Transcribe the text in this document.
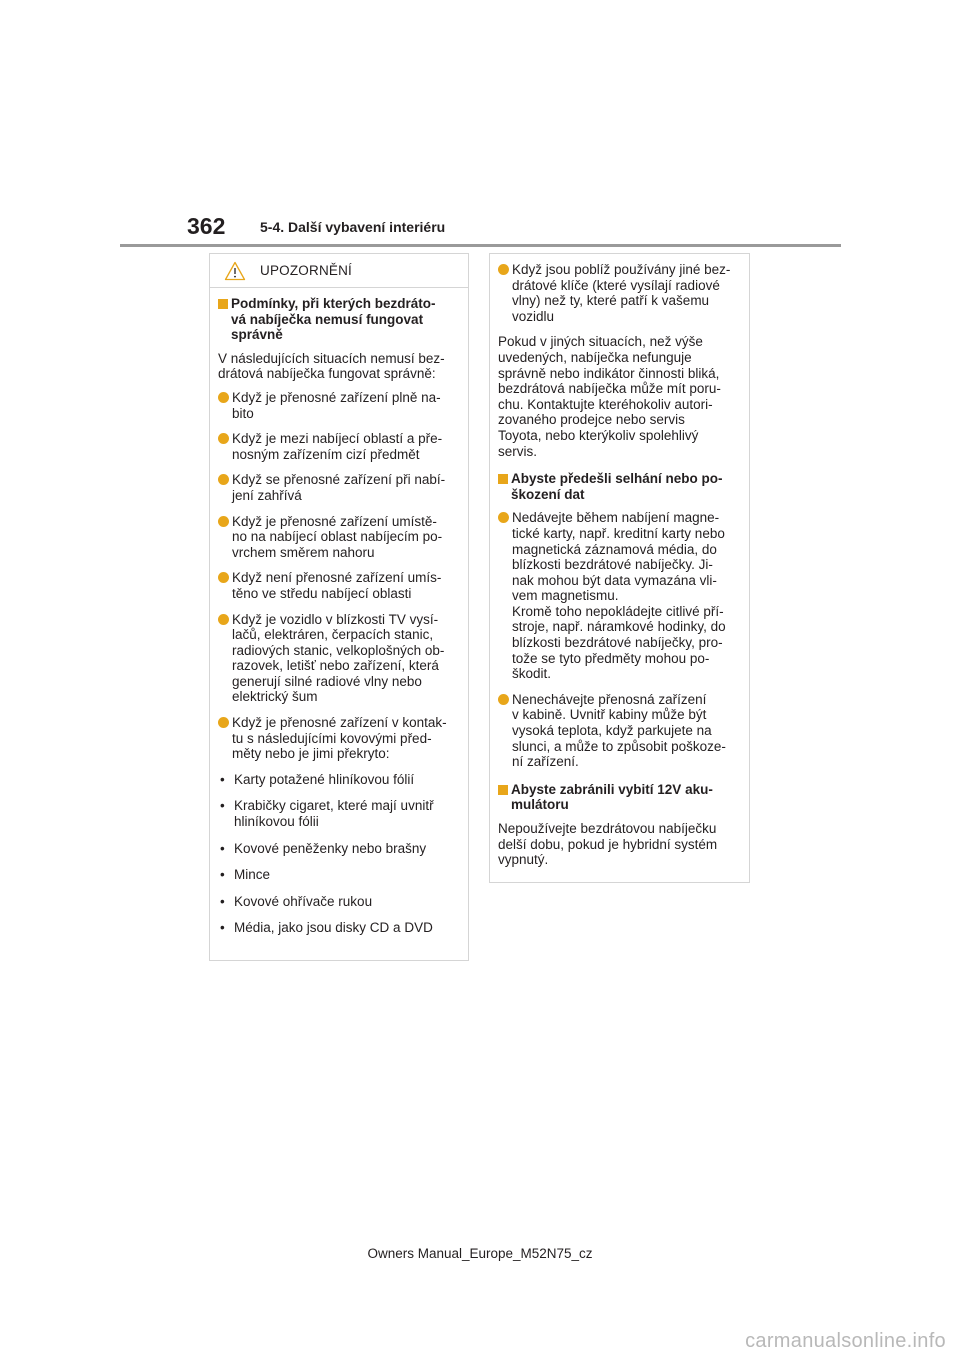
362 5-4. Další vybavení interiéru
UPOZORNĚNÍ
Podmínky, při kterých bezdráto-
vá nabíječka nemusí fungovat
správně
V následujících situacích nemusí bez-
drátová nabíječka fungovat správně:
Když je přenosné zařízení plně na-
bito
Když je mezi nabíjecí oblastí a pře-
nosným zařízením cizí předmět
Když se přenosné zařízení při nabí-
jení zahřívá
Když je přenosné zařízení umístě-
no na nabíjecí oblast nabíjecím po-
vrchem směrem nahoru
Když není přenosné zařízení umís-
těno ve středu nabíjecí oblasti
Když je vozidlo v blízkosti TV vysí-
lačů, elektráren, čerpacích stanic,
radiových stanic, velkoplošných ob-
razovek, letišť nebo zařízení, která
generují silné radiové vlny nebo
elektrický šum
Když je přenosné zařízení v kontak-
tu s následujícími kovovými před-
měty nebo je jimi překryto:
• Karty potažené hliníkovou fólií
• Krabičky cigaret, které mají uvnitř
hliníkovou fólii
• Kovové peněženky nebo brašny
• Mince
• Kovové ohřívače rukou
• Média, jako jsou disky CD a DVD
Když jsou poblíž používány jiné bez-
drátové klíče (které vysílají radiové
vlny) než ty, které patří k vašemu
vozidlu
Pokud v jiných situacích, než výše
uvedených, nabíječka nefunguje
správně nebo indikátor činnosti bliká,
bezdrátová nabíječka může mít poru-
chu. Kontaktujte kteréhokoliv autori-
zovaného prodejce nebo servis
Toyota, nebo kterýkoliv spolehlivý
servis.
Abyste předešli selhání nebo po-
škození dat
Nedávejte během nabíjení magne-
tické karty, např. kreditní karty nebo
magnetická záznamová média, do
blízkosti bezdrátové nabíječky. Ji-
nak mohou být data vymazána vli-
vem magnetismu.
Kromě toho nepokládejte citlivé pří-
stroje, např. náramkové hodinky, do
blízkosti bezdrátové nabíječky, pro-
tože se tyto předměty mohou po-
škodit.
Nenechávejte přenosná zařízení
v kabině. Uvnitř kabiny může být
vysoká teplota, když parkujete na
slunci, a může to způsobit poškoze-
ní zařízení.
Abyste zabránili vybití 12V aku-
mulátoru
Nepoužívejte bezdrátovou nabíječku
delší dobu, pokud je hybridní systém
vypnutý.
Owners Manual_Europe_M52N75_cz
carmanualsonline.info
